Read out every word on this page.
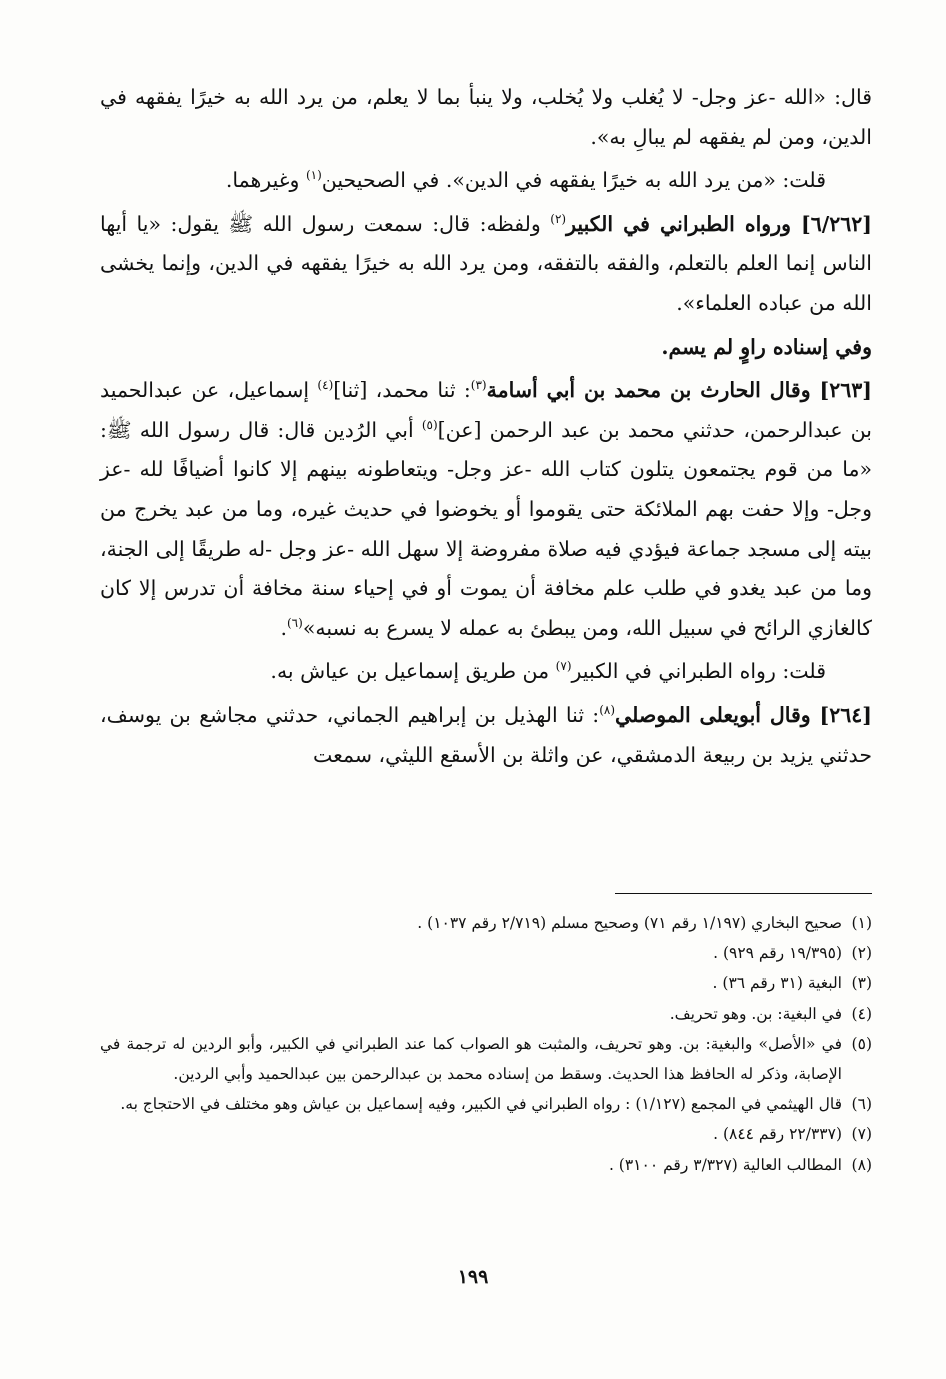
قال: «الله -عز وجل- لا يُغلب ولا يُخلب، ولا ينبأ بما لا يعلم، من يرد الله به خيرًا يفقهه في الدين، ومن لم يفقهه لم يبالِ به».

قلت: «من يرد الله به خيرًا يفقهه في الدين». في الصحيحين$^{(١)}$ وغيرهما.

[٦/٢٦٢] ورواه الطبراني في الكبير$^{(٢)}$ ولفظه: قال: سمعت رسول الله ﷺ يقول: «يا أيها الناس إنما العلم بالتعلم، والفقه بالتفقه، ومن يرد الله به خيرًا يفقهه في الدين، وإنما يخشى الله من عباده العلماء».

وفي إسناده راوٍ لم يسم.

[٢٦٣] وقال الحارث بن محمد بن أبي أسامة$^{(٣)}$: ثنا محمد، [ثنا]$^{(٤)}$ إسماعيل، عن عبدالحميد بن عبدالرحمن، حدثني محمد بن عبد الرحمن [عن]$^{(٥)}$ أبي الرُدين قال: قال رسول الله ﷺ: «ما من قوم يجتمعون يتلون كتاب الله -عز وجل- ويتعاطونه بينهم إلا كانوا أضيافًا لله -عز وجل- وإلا حفت بهم الملائكة حتى يقوموا أو يخوضوا في حديث غيره، وما من عبد يخرج من بيته إلى مسجد جماعة فيؤدي فيه صلاة مفروضة إلا سهل الله -عز وجل -له طريقًا إلى الجنة، وما من عبد يغدو في طلب علم مخافة أن يموت أو في إحياء سنة مخافة أن تدرس إلا كان كالغازي الرائح في سبيل الله، ومن يبطئ به عمله لا يسرع به نسبه»$^{(٦)}$.

قلت: رواه الطبراني في الكبير$^{(٧)}$ من طريق إسماعيل بن عياش به.

[٢٦٤] وقال أبويعلى الموصلي$^{(٨)}$: ثنا الهذيل بن إبراهيم الجماني، حدثني مجاشع بن يوسف، حدثني يزيد بن ربيعة الدمشقي، عن واثلة بن الأسقع الليثي، سمعت

(١)
صحيح البخاري (١/١٩٧ رقم ٧١) وصحيح مسلم (٢/٧١٩ رقم ١٠٣٧) .
(٢)
(١٩/٣٩٥ رقم ٩٢٩) .
(٣)
البغية (٣١ رقم ٣٦) .
(٤)
في البغية: بن. وهو تحريف.
(٥)
في «الأصل» والبغية: بن. وهو تحريف، والمثبت هو الصواب كما عند الطبراني في الكبير، وأبو الردين له ترجمة في الإصابة، وذكر له الحافظ هذا الحديث. وسقط من إسناده محمد بن عبدالرحمن بين عبدالحميد وأبي الردين.
(٦)
قال الهيثمي في المجمع (١/١٢٧) : رواه الطبراني في الكبير، وفيه إسماعيل بن عياش وهو مختلف في الاحتجاج به.
(٧)
(٢٢/٣٣٧ رقم ٨٤٤) .
(٨)
المطالب العالية (٣/٣٢٧ رقم ٣١٠٠) .
١٩٩
